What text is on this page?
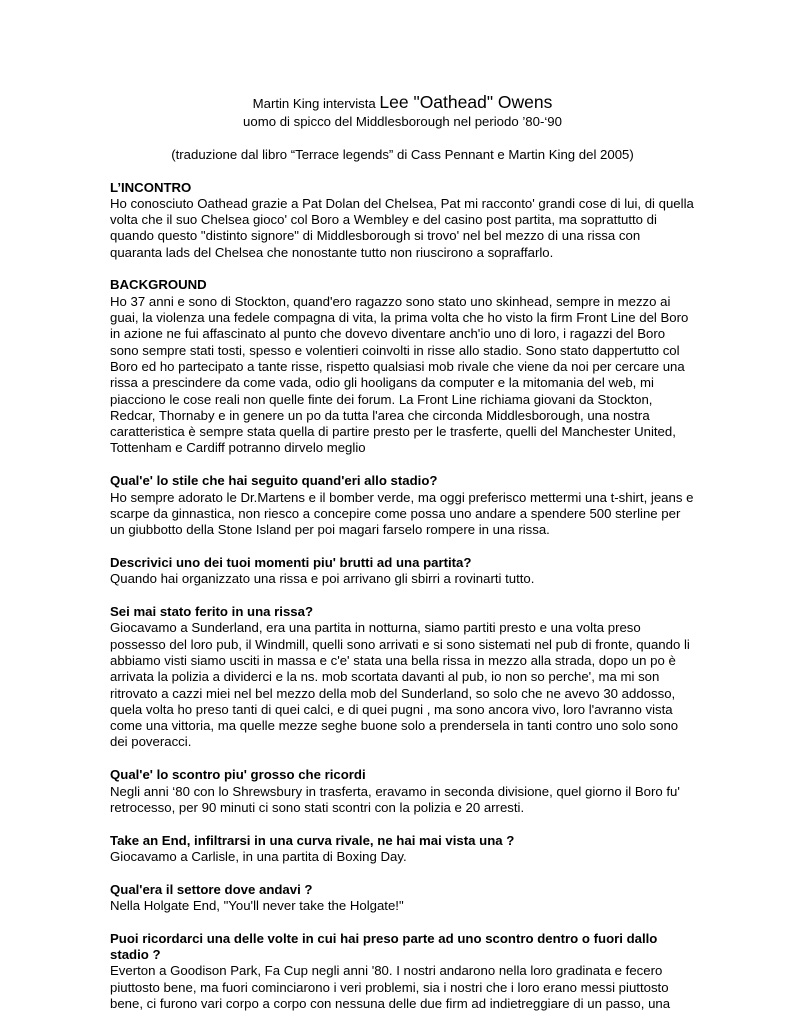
Martin King intervista Lee "Oathead" Owens

uomo di spicco del Middlesborough nel periodo ’80-‘90

(traduzione dal libro “Terrace legends” di Cass Pennant e Martin King del 2005)

L’INCONTRO

Ho conosciuto Oathead grazie a Pat Dolan del Chelsea, Pat mi racconto' grandi cose di lui, di quella volta che il suo Chelsea gioco' col Boro a Wembley e del casino post partita, ma soprattutto di quando questo "distinto signore" di Middlesborough si trovo' nel bel mezzo di una rissa con quaranta lads del Chelsea che nonostante tutto non riuscirono a sopraffarlo.

BACKGROUND

Ho 37 anni e sono di Stockton, quand'ero ragazzo sono stato uno skinhead, sempre in mezzo ai guai, la violenza una fedele compagna di vita, la prima volta che ho visto la firm Front Line del Boro in azione ne fui affascinato al punto che dovevo diventare anch'io uno di loro, i ragazzi del Boro sono sempre stati tosti, spesso e volentieri coinvolti in risse allo stadio. Sono stato dappertutto col Boro ed ho partecipato a tante risse, rispetto qualsiasi mob rivale che viene da noi per cercare una rissa a prescindere da come vada, odio gli hooligans da computer e la mitomania del web, mi piacciono le cose reali non quelle finte dei forum. La Front Line richiama giovani da Stockton, Redcar, Thornaby e in genere un po da tutta l'area che circonda Middlesborough, una nostra caratteristica è sempre stata quella di partire presto per le trasferte, quelli del Manchester United, Tottenham e Cardiff potranno dirvelo meglio

Qual'e' lo stile che hai seguito quand'eri allo stadio?

Ho sempre adorato le Dr.Martens e il bomber verde, ma oggi preferisco mettermi una t-shirt, jeans e scarpe da ginnastica, non riesco a concepire come possa uno andare a spendere 500 sterline per un giubbotto della Stone Island per poi magari farselo rompere in una rissa.

Descrivici uno dei tuoi momenti piu' brutti ad una partita?

Quando hai organizzato una rissa e poi arrivano gli sbirri a rovinarti tutto.

Sei mai stato ferito in una rissa?

Giocavamo a Sunderland, era una partita in notturna, siamo partiti presto e una volta preso possesso del loro pub, il Windmill, quelli sono arrivati e si sono sistemati nel pub di fronte, quando li abbiamo visti siamo usciti in massa e c'e' stata una bella rissa in mezzo alla strada, dopo un po è arrivata la polizia a dividerci e la ns. mob scortata davanti al pub, io non so perche', ma mi son ritrovato a cazzi miei nel bel mezzo della mob del Sunderland, so solo che ne avevo 30 addosso, quela volta ho preso tanti di quei calci, e di quei pugni , ma sono ancora vivo, loro l'avranno vista come una vittoria, ma quelle mezze seghe buone solo a prendersela in tanti contro uno solo sono dei poveracci.

Qual'e' lo scontro piu' grosso che ricordi

Negli anni ‘80 con lo Shrewsbury in trasferta, eravamo in seconda divisione, quel giorno il Boro fu' retrocesso, per 90 minuti ci sono stati scontri con la polizia e 20 arresti.

Take an End, infiltrarsi in una curva rivale, ne hai mai vista una ?

Giocavamo a Carlisle, in una partita di Boxing Day.

Qual'era il settore dove andavi ?

Nella Holgate End, "You'll never take the Holgate!"

Puoi ricordarci una delle volte in cui hai preso parte ad uno scontro dentro o fuori dallo stadio ?

Everton a Goodison Park, Fa Cup negli anni '80. I nostri andarono nella loro gradinata e fecero piuttosto bene, ma fuori cominciarono i veri problemi, sia i nostri che i loro erano messi piuttosto bene, ci furono vari corpo a corpo con nessuna delle due firm ad indietreggiare di un passo, una
